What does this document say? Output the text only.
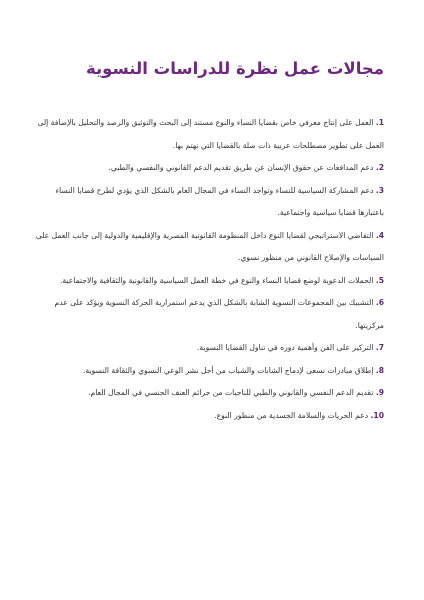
مجالات عمل نظرة للدراسات النسوية
1. العمل على إنتاج معرفي خاص بقضايا النساء والنوع مستند إلى البحث والتوثيق والرصد والتحليل بالإضافة إلى العمل على تطوير مصطلحات عربية ذات صلة بالقضايا التي نهتم بها.
2. دعم المدافعات عن حقوق الإنسان عن طريق تقديم الدعم القانوني والنفسي والطبي.
3. دعم المشاركة السياسية للنساء وتواجد النساء في المجال العام بالشكل الذي يؤدي لطرح قضايا النساء باعتبارها قضايا سياسية واجتماعية.
4. التقاضي الاستراتيجي لقضايا النوع داخل المنظومة القانونية المصرية والإقليمية والدولية إلى جانب العمل على السياسات والإصلاح القانوني من منظور نسوي.
5. الحملات الدعوية لوضع قضايا النساء والنوع في خطة العمل السياسية والقانونية والثقافية والاجتماعية.
6. التشبيك بين المجموعات النسوية الشابة بالشكل الذي يدعم استمرارية الحركة النسوية ويؤكد على عدم مركزيتها.
7. التركيز على الفن وأهمية دوره في تناول القضايا النسوية.
8. إطلاق مبادرات تسعى لإدماج الشابات والشباب من أجل نشر الوعي النسوي والثقافة النسوية.
9. تقديم الدعم النفسي والقانوني والطبي للناجيات من جرائم العنف الجنسي في المجال العام.
10. دعم الحريات والسلامة الجسدية من منظور النوع.
